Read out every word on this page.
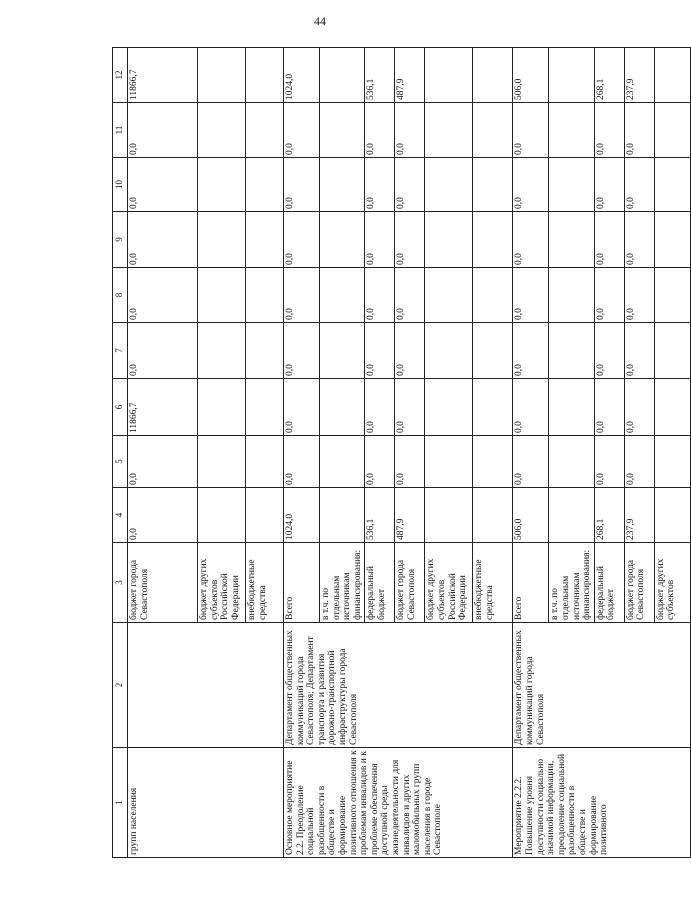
44
1	2	3	4	5	6	7	8	9	10	11	12
групп населения		бюджет города Севастополя	0,0	0,0	11866,7	0,0	0,0	0,0	0,0	0,0	11866,7
		бюджет других субъектов Российской Федерации									
		внебюджетные средства									
Основное мероприятие 2.2. Преодоление социальной разобщенности в обществе и формирование позитивного отношения к проблемам инвалидов и к проблеме обеспечения доступной среды жизнедеятельности для инвалидов и других маломобильных групп населения в городе Севастополе	Департамент общественных коммуникаций города Севастополя; Департамент транспорта и развития дорожно-транспортной инфраструктуры города Севастополя	Всего	1024,0	0,0	0,0	0,0	0,0	0,0	0,0	0,0	1024,0
		в т.ч. по отдельным источникам финансирования:									
		федеральный бюджет	536,1	0,0	0,0	0,0	0,0	0,0	0,0	0,0	536,1
		бюджет города Севастополя	487,9	0,0	0,0	0,0	0,0	0,0	0,0	0,0	487,9
		бюджет других субъектов Российской Федерации									
		внебюджетные средства									
Мероприятие 2.2.2. Повышение уровня доступности социально значимой информации, преодоление социальной разобщенности в обществе и формирование позитивного	Департамент общественных коммуникаций города Севастополя	Всего	506,0	0,0	0,0	0,0	0,0	0,0	0,0	0,0	506,0
		в т.ч. по отдельным источникам финансирования:									
		федеральный бюджет	268,1	0,0	0,0	0,0	0,0	0,0	0,0	0,0	268,1
		бюджет города Севастополя	237,9	0,0	0,0	0,0	0,0	0,0	0,0	0,0	237,9
		бюджет других субъектов									
